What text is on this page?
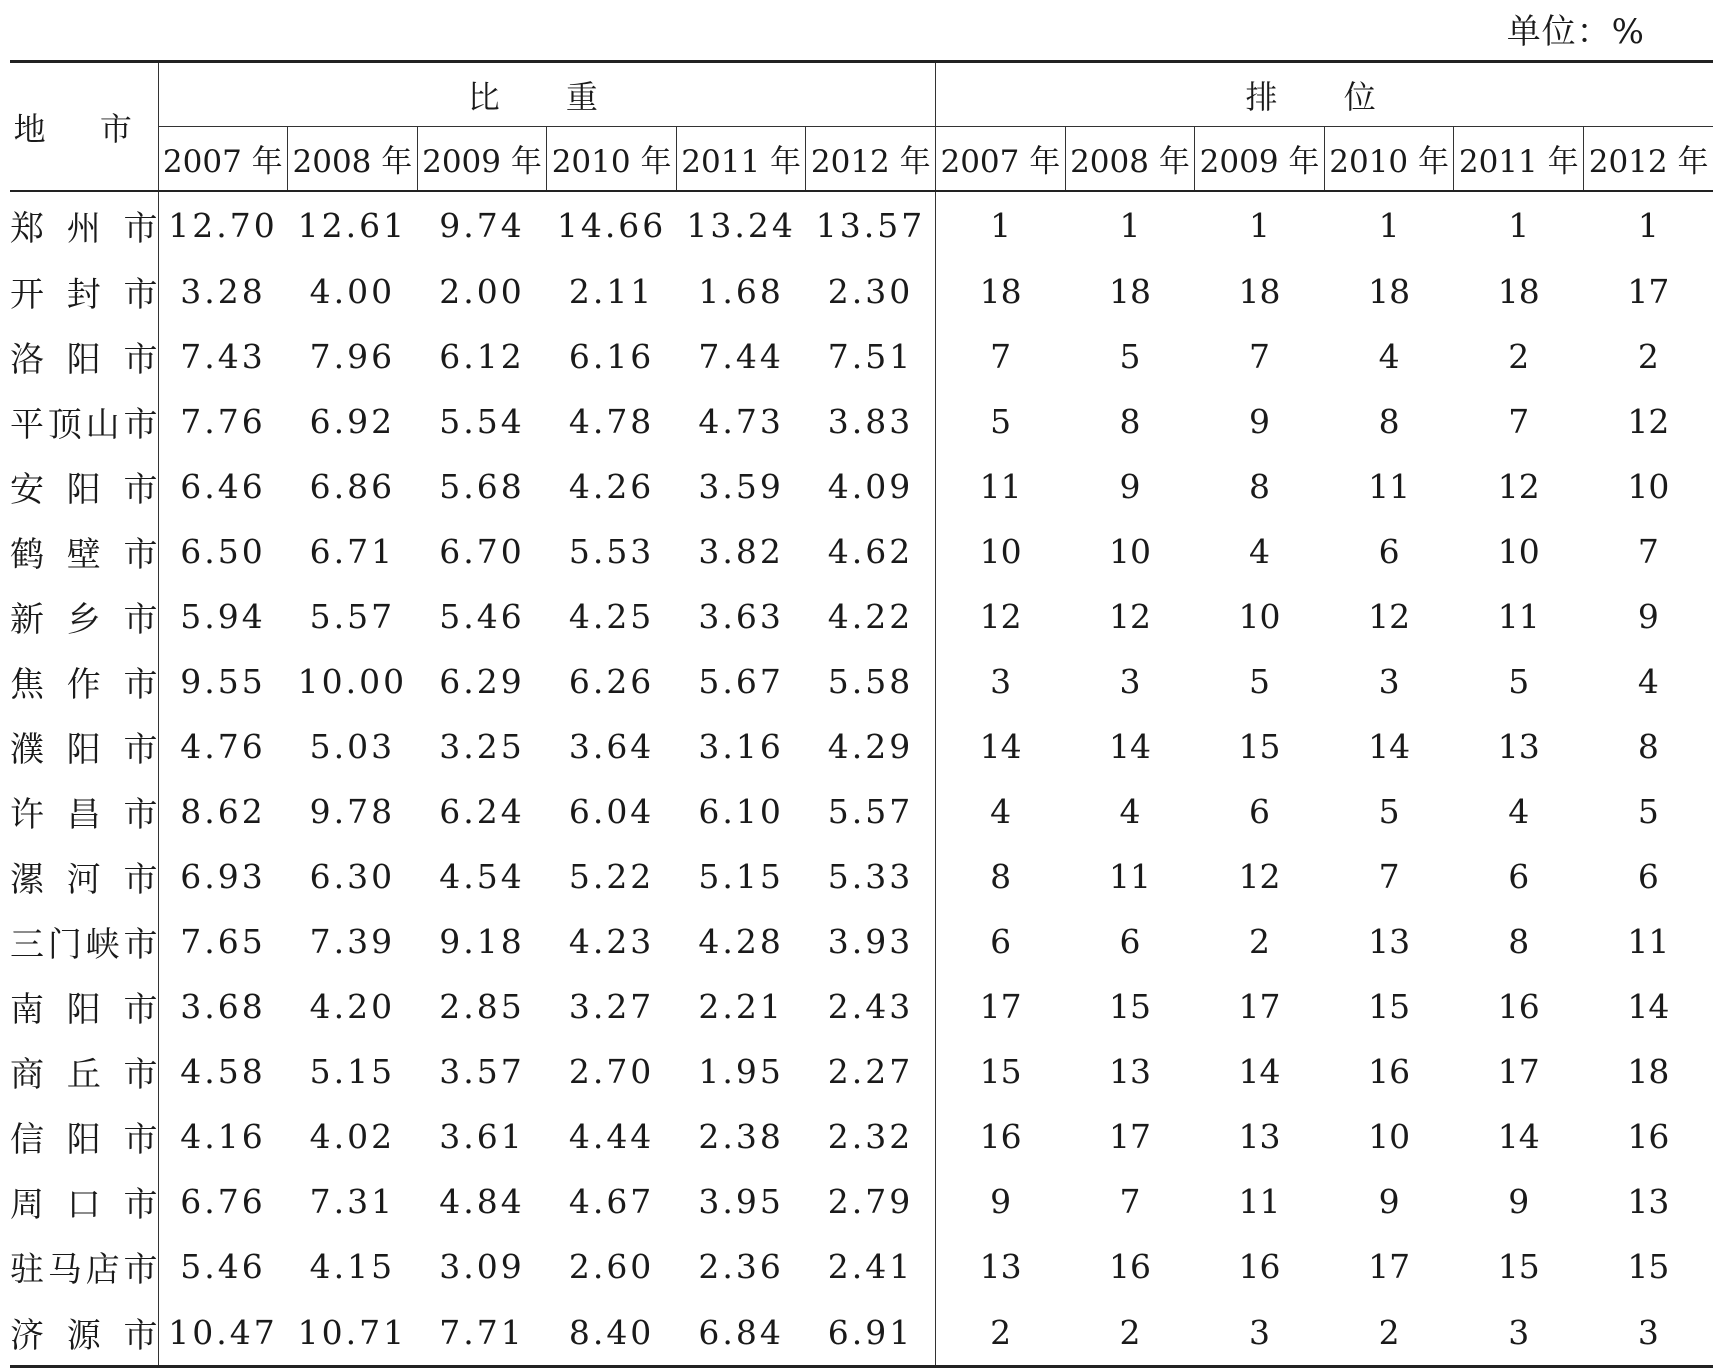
单位：%
地 市	比 重						排 位					
	2007 年	2008 年	2009 年	2010 年	2011 年	2012 年	2007 年	2008 年	2009 年	2010 年	2011 年	2012 年
郑州市	12.70	12.61	9.74	14.66	13.24	13.57	1	1	1	1	1	1
开封市	3.28	4.00	2.00	2.11	1.68	2.30	18	18	18	18	18	17
洛阳市	7.43	7.96	6.12	6.16	7.44	7.51	7	5	7	4	2	2
平顶山市	7.76	6.92	5.54	4.78	4.73	3.83	5	8	9	8	7	12
安阳市	6.46	6.86	5.68	4.26	3.59	4.09	11	9	8	11	12	10
鹤壁市	6.50	6.71	6.70	5.53	3.82	4.62	10	10	4	6	10	7
新乡市	5.94	5.57	5.46	4.25	3.63	4.22	12	12	10	12	11	9
焦作市	9.55	10.00	6.29	6.26	5.67	5.58	3	3	5	3	5	4
濮阳市	4.76	5.03	3.25	3.64	3.16	4.29	14	14	15	14	13	8
许昌市	8.62	9.78	6.24	6.04	6.10	5.57	4	4	6	5	4	5
漯河市	6.93	6.30	4.54	5.22	5.15	5.33	8	11	12	7	6	6
三门峡市	7.65	7.39	9.18	4.23	4.28	3.93	6	6	2	13	8	11
南阳市	3.68	4.20	2.85	3.27	2.21	2.43	17	15	17	15	16	14
商丘市	4.58	5.15	3.57	2.70	1.95	2.27	15	13	14	16	17	18
信阳市	4.16	4.02	3.61	4.44	2.38	2.32	16	17	13	10	14	16
周口市	6.76	7.31	4.84	4.67	3.95	2.79	9	7	11	9	9	13
驻马店市	5.46	4.15	3.09	2.60	2.36	2.41	13	16	16	17	15	15
济源市	10.47	10.71	7.71	8.40	6.84	6.91	2	2	3	2	3	3
